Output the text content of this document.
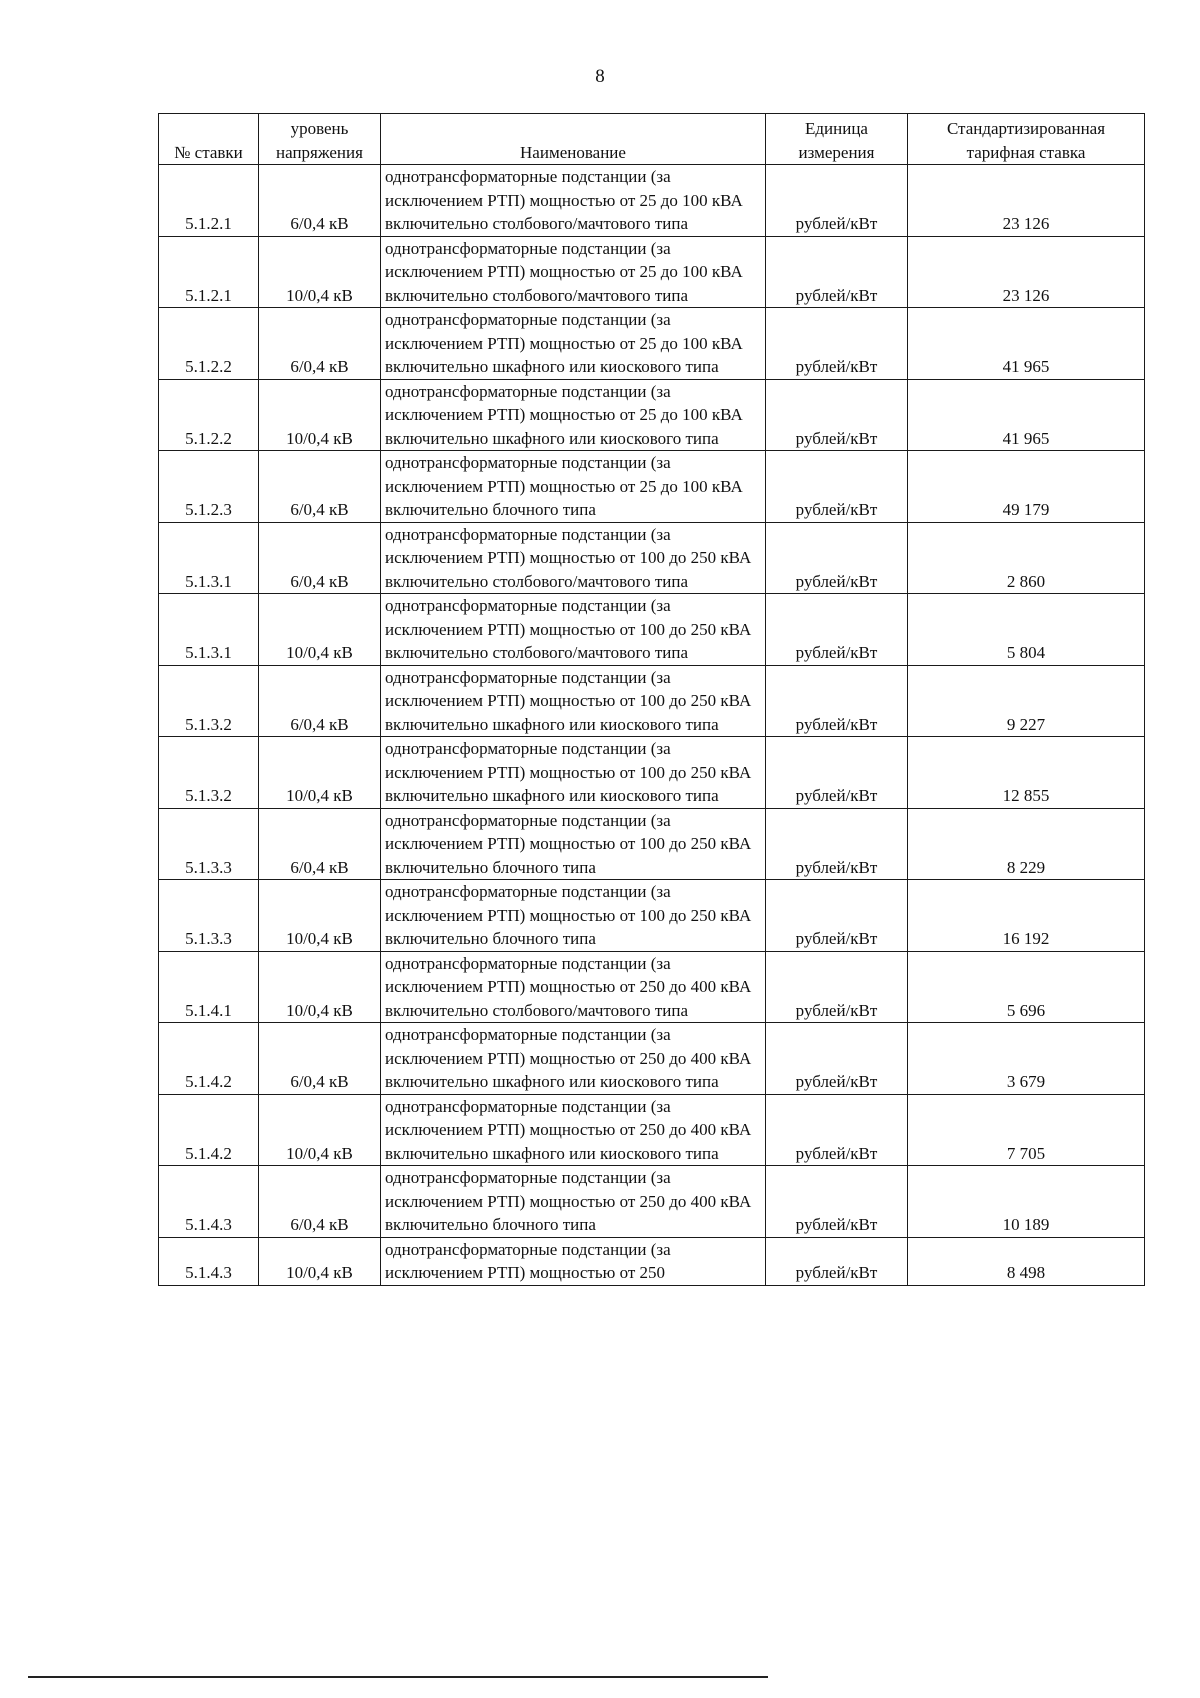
8
№ ставки	уровень напряжения	Наименование	Единица измерения	Стандартизированная тарифная ставка
5.1.2.1	6/0,4 кВ	однотрансформаторные подстанции (за исключением РТП) мощностью от 25 до 100 кВА включительно столбового/мачтового типа	рублей/кВт	23 126
5.1.2.1	10/0,4 кВ	однотрансформаторные подстанции (за исключением РТП) мощностью от 25 до 100 кВА включительно столбового/мачтового типа	рублей/кВт	23 126
5.1.2.2	6/0,4 кВ	однотрансформаторные подстанции (за исключением РТП) мощностью от 25 до 100 кВА включительно шкафного или киоскового типа	рублей/кВт	41 965
5.1.2.2	10/0,4 кВ	однотрансформаторные подстанции (за исключением РТП) мощностью от 25 до 100 кВА включительно шкафного или киоскового типа	рублей/кВт	41 965
5.1.2.3	6/0,4 кВ	однотрансформаторные подстанции (за исключением РТП) мощностью от 25 до 100 кВА включительно блочного типа	рублей/кВт	49 179
5.1.3.1	6/0,4 кВ	однотрансформаторные подстанции (за исключением РТП) мощностью от 100 до 250 кВА включительно столбового/мачтового типа	рублей/кВт	2 860
5.1.3.1	10/0,4 кВ	однотрансформаторные подстанции (за исключением РТП) мощностью от 100 до 250 кВА включительно столбового/мачтового типа	рублей/кВт	5 804
5.1.3.2	6/0,4 кВ	однотрансформаторные подстанции (за исключением РТП) мощностью от 100 до 250 кВА включительно шкафного или киоскового типа	рублей/кВт	9 227
5.1.3.2	10/0,4 кВ	однотрансформаторные подстанции (за исключением РТП) мощностью от 100 до 250 кВА включительно шкафного или киоскового типа	рублей/кВт	12 855
5.1.3.3	6/0,4 кВ	однотрансформаторные подстанции (за исключением РТП) мощностью от 100 до 250 кВА включительно блочного типа	рублей/кВт	8 229
5.1.3.3	10/0,4 кВ	однотрансформаторные подстанции (за исключением РТП) мощностью от 100 до 250 кВА включительно блочного типа	рублей/кВт	16 192
5.1.4.1	10/0,4 кВ	однотрансформаторные подстанции (за исключением РТП) мощностью от 250 до 400 кВА включительно столбового/мачтового типа	рублей/кВт	5 696
5.1.4.2	6/0,4 кВ	однотрансформаторные подстанции (за исключением РТП) мощностью от 250 до 400 кВА включительно шкафного или киоскового типа	рублей/кВт	3 679
5.1.4.2	10/0,4 кВ	однотрансформаторные подстанции (за исключением РТП) мощностью от 250 до 400 кВА включительно шкафного или киоскового типа	рублей/кВт	7 705
5.1.4.3	6/0,4 кВ	однотрансформаторные подстанции (за исключением РТП) мощностью от 250 до 400 кВА включительно блочного типа	рублей/кВт	10 189
5.1.4.3	10/0,4 кВ	однотрансформаторные подстанции (за исключением РТП) мощностью от 250	рублей/кВт	8 498
